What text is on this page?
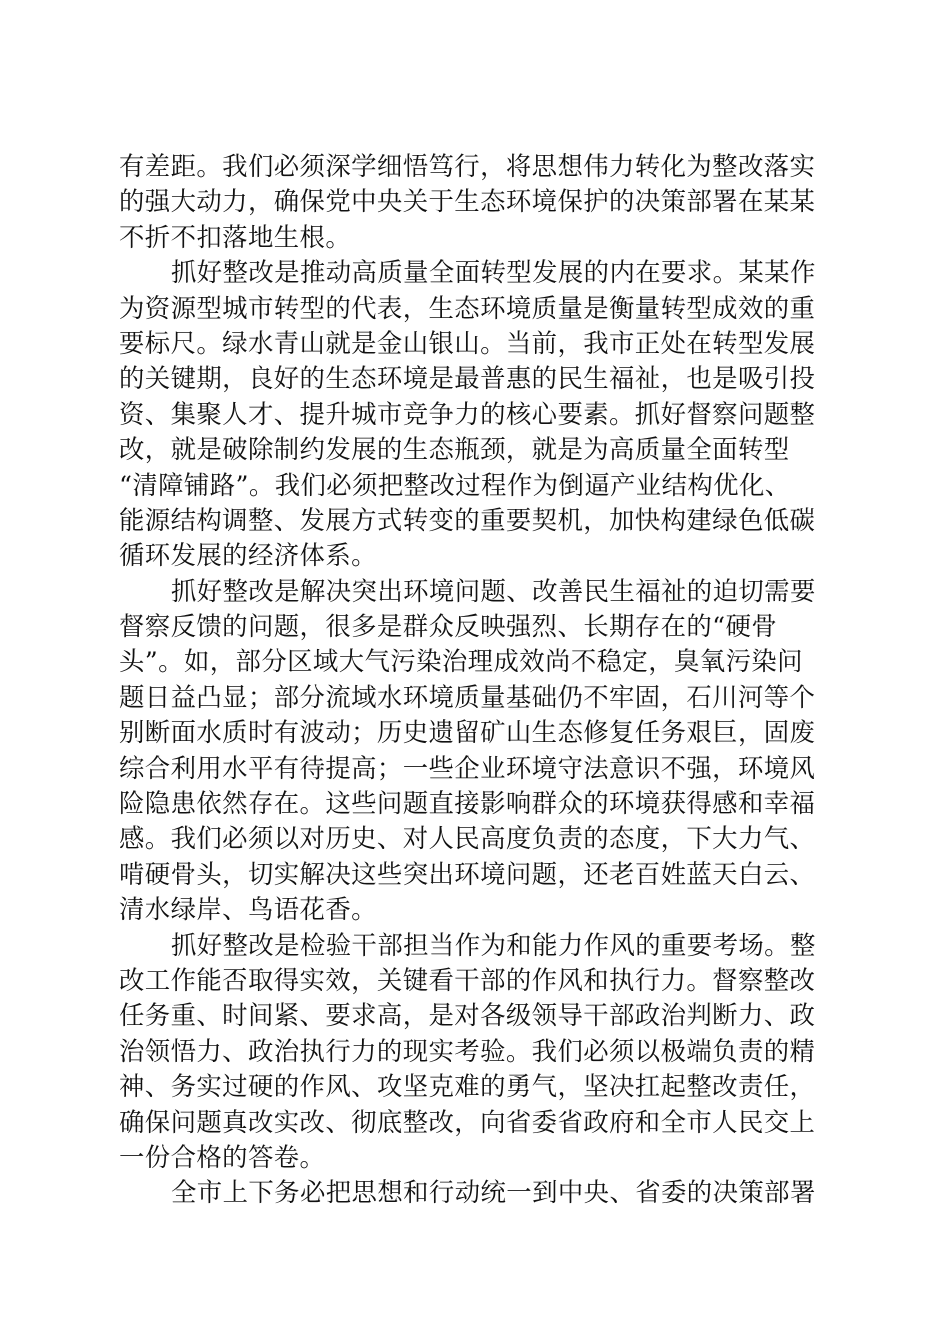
有差距。我们必须深学细悟笃行，将思想伟力转化为整改落实
的强大动力，确保党中央关于生态环境保护的决策部署在某某
不折不扣落地生根。
抓好整改是推动高质量全面转型发展的内在要求。某某作
为资源型城市转型的代表，生态环境质量是衡量转型成效的重
要标尺。绿水青山就是金山银山。当前，我市正处在转型发展
的关键期，良好的生态环境是最普惠的民生福祉，也是吸引投
资、集聚人才、提升城市竞争力的核心要素。抓好督察问题整
改，就是破除制约发展的生态瓶颈，就是为高质量全面转型
“清障铺路”。我们必须把整改过程作为倒逼产业结构优化、
能源结构调整、发展方式转变的重要契机，加快构建绿色低碳
循环发展的经济体系。
抓好整改是解决突出环境问题、改善民生福祉的迫切需要
督察反馈的问题，很多是群众反映强烈、长期存在的“硬骨
头”。如，部分区域大气污染治理成效尚不稳定，臭氧污染问
题日益凸显；部分流域水环境质量基础仍不牢固，石川河等个
别断面水质时有波动；历史遗留矿山生态修复任务艰巨，固废
综合利用水平有待提高；一些企业环境守法意识不强，环境风
险隐患依然存在。这些问题直接影响群众的环境获得感和幸福
感。我们必须以对历史、对人民高度负责的态度，下大力气、
啃硬骨头，切实解决这些突出环境问题，还老百姓蓝天白云、
清水绿岸、鸟语花香。
抓好整改是检验干部担当作为和能力作风的重要考场。整
改工作能否取得实效，关键看干部的作风和执行力。督察整改
任务重、时间紧、要求高，是对各级领导干部政治判断力、政
治领悟力、政治执行力的现实考验。我们必须以极端负责的精
神、务实过硬的作风、攻坚克难的勇气，坚决扛起整改责任，
确保问题真改实改、彻底整改，向省委省政府和全市人民交上
一份合格的答卷。
全市上下务必把思想和行动统一到中央、省委的决策部署
